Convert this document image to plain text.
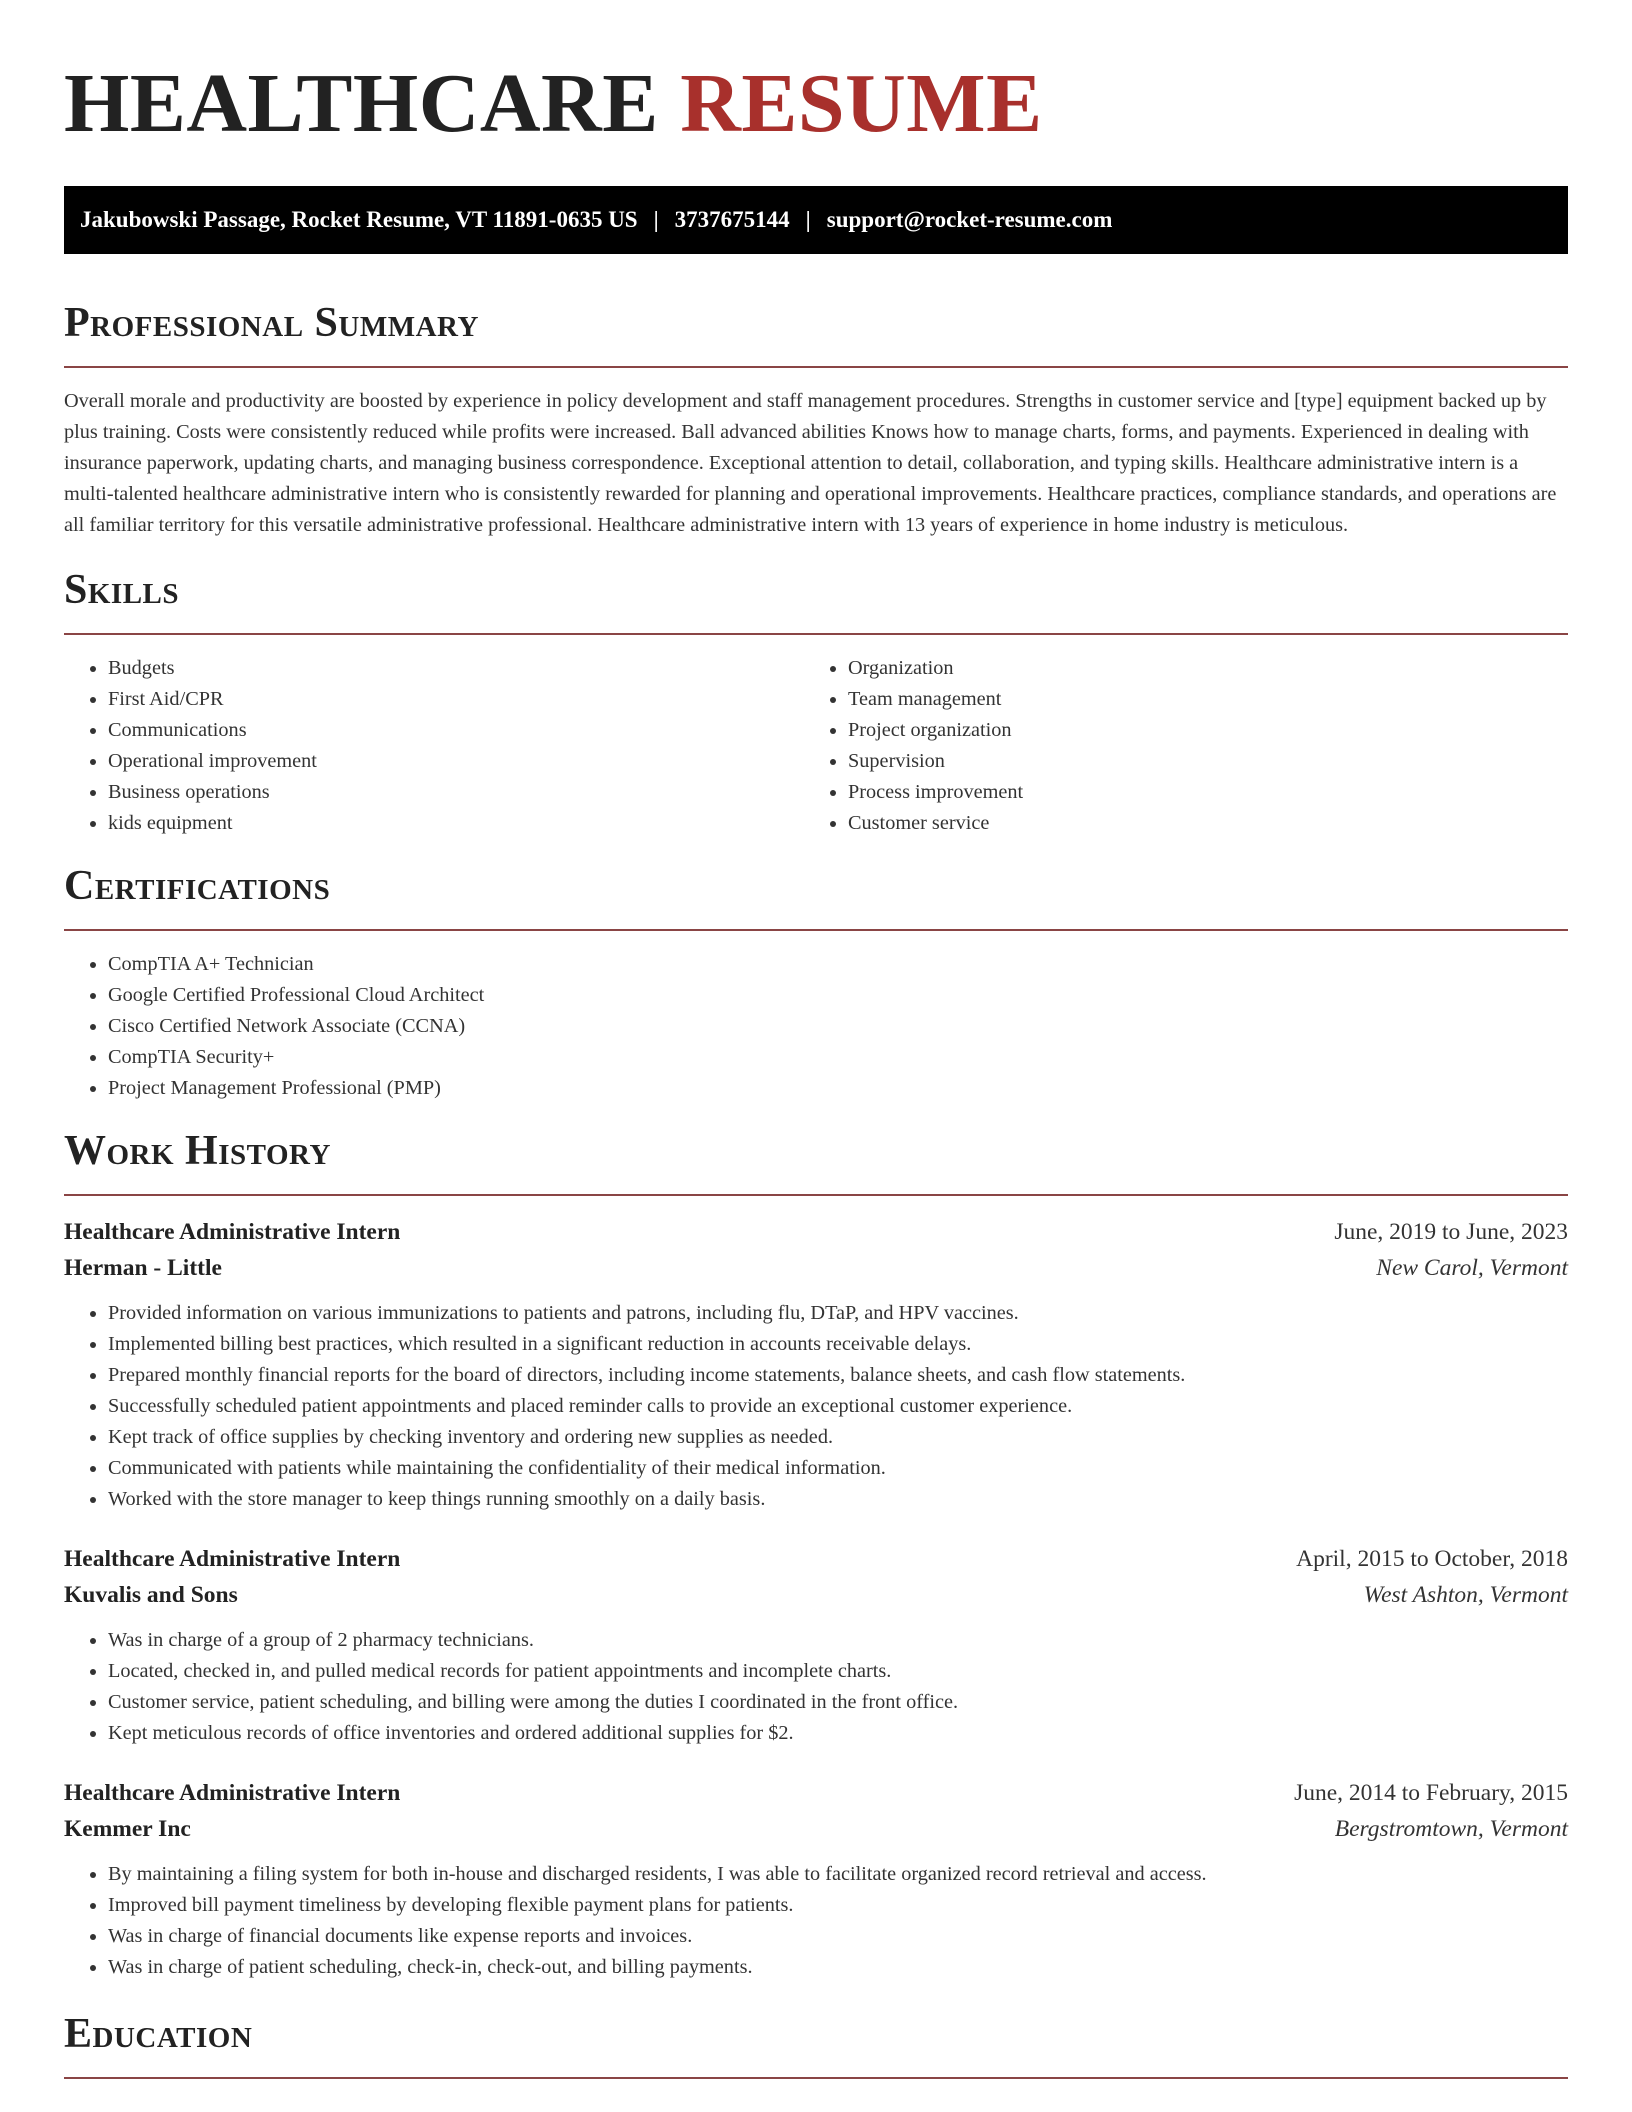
HEALTHCARE RESUME
Jakubowski Passage, Rocket Resume, VT 11891-0635 US | 3737675144 | support@rocket-resume.com
Professional Summary

Overall morale and productivity are boosted by experience in policy development and staff management procedures. Strengths in customer service and [type] equipment backed up by plus training. Costs were consistently reduced while profits were increased. Ball advanced abilities Knows how to manage charts, forms, and payments. Experienced in dealing with insurance paperwork, updating charts, and managing business correspondence. Exceptional attention to detail, collaboration, and typing skills. Healthcare administrative intern is a multi-talented healthcare administrative intern who is consistently rewarded for planning and operational improvements. Healthcare practices, compliance standards, and operations are all familiar territory for this versatile administrative professional. Healthcare administrative intern with 13 years of experience in home industry is meticulous.

Skills
• Budgets
• First Aid/CPR
• Communications
• Operational improvement
• Business operations
• kids equipment
• Organization
• Team management
• Project organization
• Supervision
• Process improvement
• Customer service
Certifications
• CompTIA A+ Technician
• Google Certified Professional Cloud Architect
• Cisco Certified Network Associate (CCNA)
• CompTIA Security+
• Project Management Professional (PMP)
Work History
Healthcare Administrative Intern	June, 2019 to June, 2023
Herman - Little	New Carol, Vermont
• Provided information on various immunizations to patients and patrons, including flu, DTaP, and HPV vaccines.
• Implemented billing best practices, which resulted in a significant reduction in accounts receivable delays.
• Prepared monthly financial reports for the board of directors, including income statements, balance sheets, and cash flow statements.
• Successfully scheduled patient appointments and placed reminder calls to provide an exceptional customer experience.
• Kept track of office supplies by checking inventory and ordering new supplies as needed.
• Communicated with patients while maintaining the confidentiality of their medical information.
• Worked with the store manager to keep things running smoothly on a daily basis.
Healthcare Administrative Intern	April, 2015 to October, 2018
Kuvalis and Sons	West Ashton, Vermont
• Was in charge of a group of 2 pharmacy technicians.
• Located, checked in, and pulled medical records for patient appointments and incomplete charts.
• Customer service, patient scheduling, and billing were among the duties I coordinated in the front office.
• Kept meticulous records of office inventories and ordered additional supplies for $2.
Healthcare Administrative Intern	June, 2014 to February, 2015
Kemmer Inc	Bergstromtown, Vermont
• By maintaining a filing system for both in-house and discharged residents, I was able to facilitate organized record retrieval and access.
• Improved bill payment timeliness by developing flexible payment plans for patients.
• Was in charge of financial documents like expense reports and invoices.
• Was in charge of patient scheduling, check-in, check-out, and billing payments.
Education
